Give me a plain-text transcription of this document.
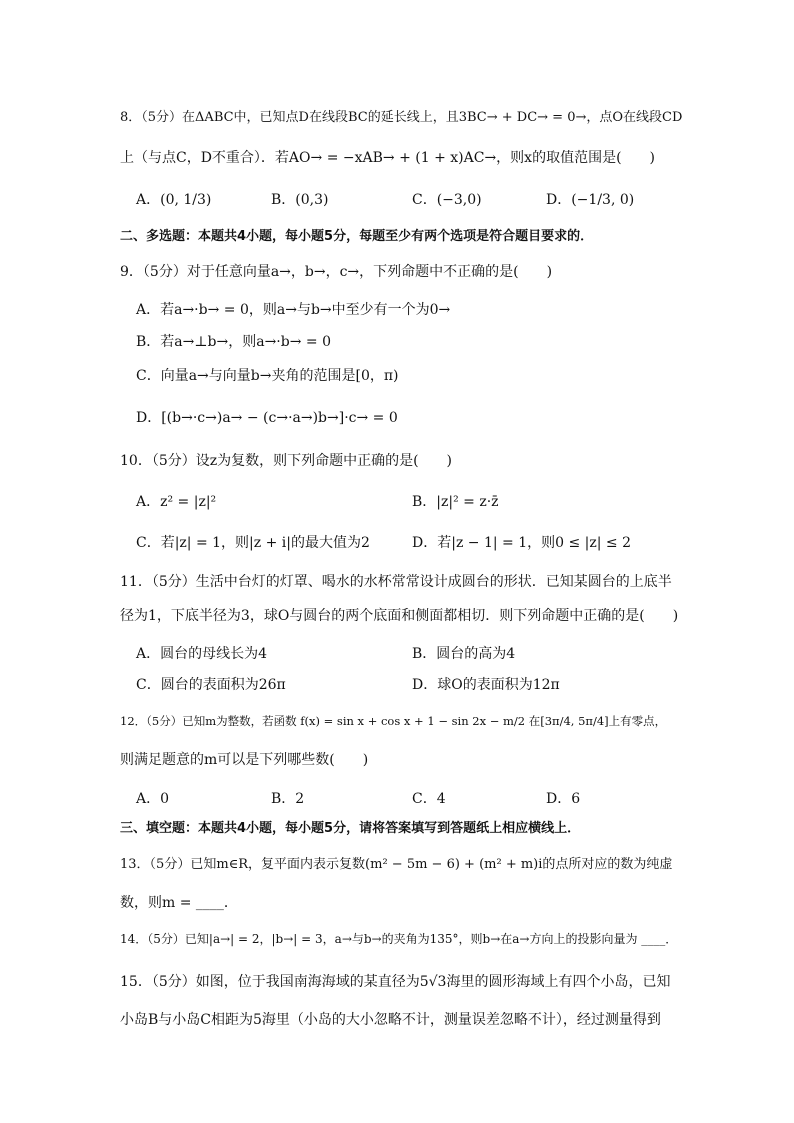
8．（5分）在ΔABC中，已知点D在线段BC的延长线上，且3BC→ + DC→ = 0→，点O在线段CD
上（与点C，D不重合）．若AO→ = −xAB→ + (1 + x)AC→，则x的取值范围是(　　)
A．(0, 1/3)	B．(0,3)	C．(−3,0)	D．(−1/3, 0)
二、多选题：本题共4小题，每小题5分，每题至少有两个选项是符合题目要求的．
9．（5分）对于任意向量a→，b→，c→，下列命题中不正确的是(　　)
A．若a→·b→ = 0，则a→与b→中至少有一个为0→
B．若a→⊥b→，则a→·b→ = 0
C．向量a→与向量b→夹角的范围是[0，π)
D．[(b→·c→)a→ − (c→·a→)b→]·c→ = 0
10．（5分）设z为复数，则下列命题中正确的是(　　)
A．z² = |z|²	B．|z|² = z·z̄
C．若|z| = 1，则|z + i|的最大值为2	D．若|z − 1| = 1，则0 ≤ |z| ≤ 2
11．（5分）生活中台灯的灯罩、喝水的水杯常常设计成圆台的形状．已知某圆台的上底半
径为1，下底半径为3，球O与圆台的两个底面和侧面都相切．则下列命题中正确的是(　　)
A．圆台的母线长为4	B．圆台的高为4
C．圆台的表面积为26π	D．球O的表面积为12π
12．（5分）已知m为整数，若函数 f(x) = sin x + cos x + 1 − sin 2x − m/2 在[3π/4, 5π/4]上有零点，
则满足题意的m可以是下列哪些数(　　)
A．0	B．2	C．4	D．6
三、填空题：本题共4小题，每小题5分，请将答案填写到答题纸上相应横线上．
13．（5分）已知m∈R，复平面内表示复数(m² − 5m − 6) + (m² + m)i的点所对应的数为纯虚
数，则m = ____．
14．（5分）已知|a→| = 2，|b→| = 3，a→与b→的夹角为135°，则b→在a→方向上的投影向量为 ____．
15．（5分）如图，位于我国南海海域的某直径为5√3海里的圆形海域上有四个小岛，已知
小岛B与小岛C相距为5海里（小岛的大小忽略不计，测量误差忽略不计），经过测量得到
